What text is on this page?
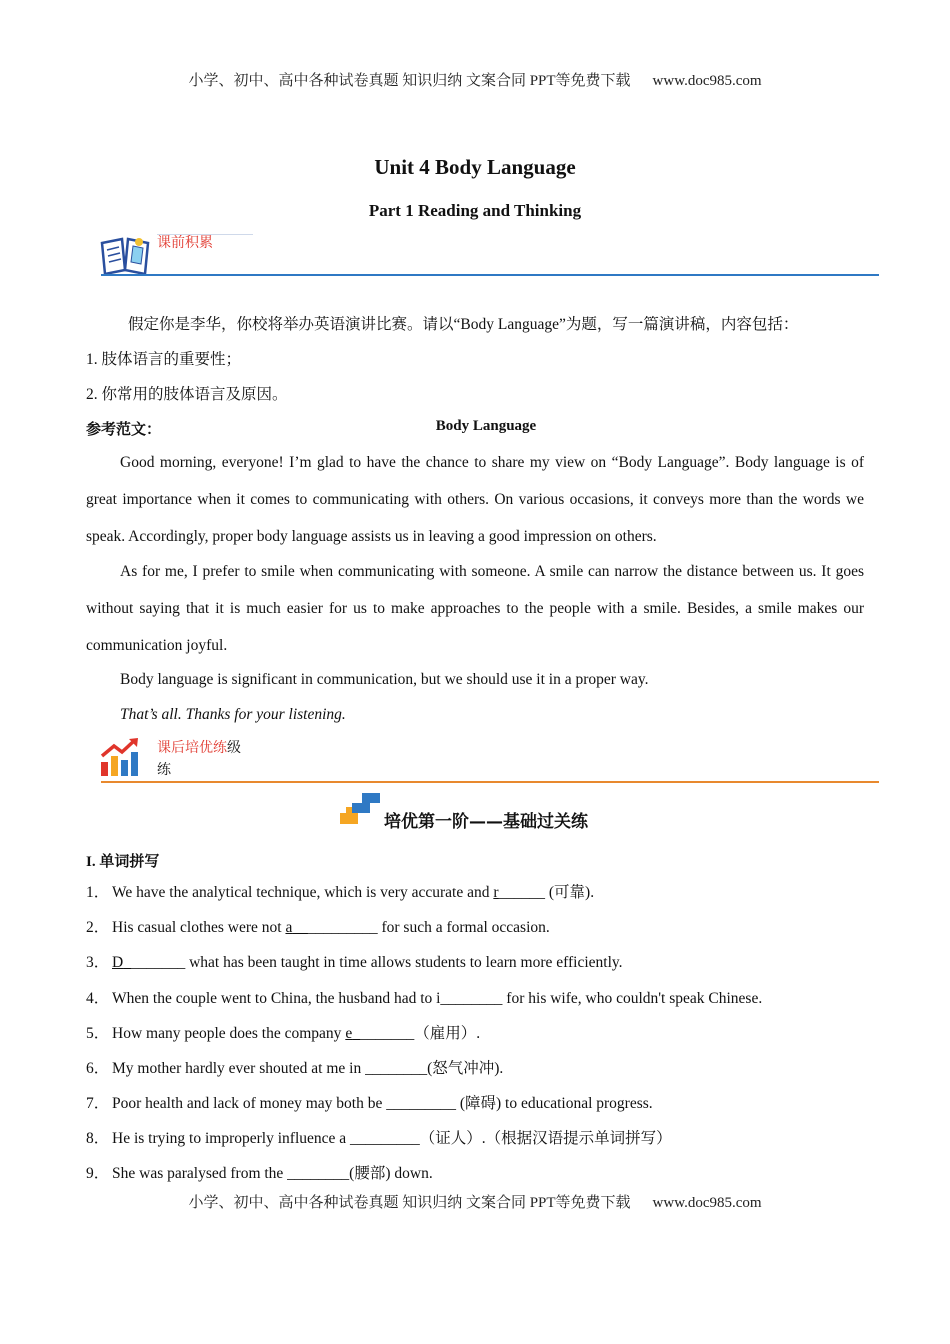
小学、初中、高中各种试卷真题 知识归纳 文案合同 PPT等免费下载 www.doc985.com
Unit 4 Body Language
Part 1 Reading and Thinking
课前积累
假定你是李华，你校将举办英语演讲比赛。请以“Body Language”为题，写一篇演讲稿，内容包括：
1. 肢体语言的重要性；
2. 你常用的肢体语言及原因。
参考范文：	Body Language
Good morning, everyone! I’m glad to have the chance to share my view on “Body Language”. Body language is of great importance when it comes to communicating with others. On various occasions, it conveys more than the words we speak. Accordingly, proper body language assists us in leaving a good impression on others.
As for me, I prefer to smile when communicating with someone. A smile can narrow the distance between us. It goes without saying that it is much easier for us to make approaches to the people with a smile. Besides, a smile makes our communication joyful.
Body language is significant in communication, but we should use it in a proper way.
That’s all. Thanks for your listening.
课后培优练级
练
培优第一阶——基础过关练
I. 单词拼写
1． We have the analytical technique, which is very accurate and r______ (可靠).
2． His casual clothes were not a___________ for such a formal occasion.
3． D________ what has been taught in time allows students to learn more efficiently.
4． When the couple went to China, the husband had to i________ for his wife, who couldn't speak Chinese.
5． How many people does the company e________（雇用）.
6． My mother hardly ever shouted at me in ________(怒气冲冲).
7． Poor health and lack of money may both be _________ (障碍) to educational progress.
8． He is trying to improperly influence a _________（证人）.（根据汉语提示单词拼写）
9． She was paralysed from the ________(腰部) down.
小学、初中、高中各种试卷真题 知识归纳 文案合同 PPT等免费下载 www.doc985.com
